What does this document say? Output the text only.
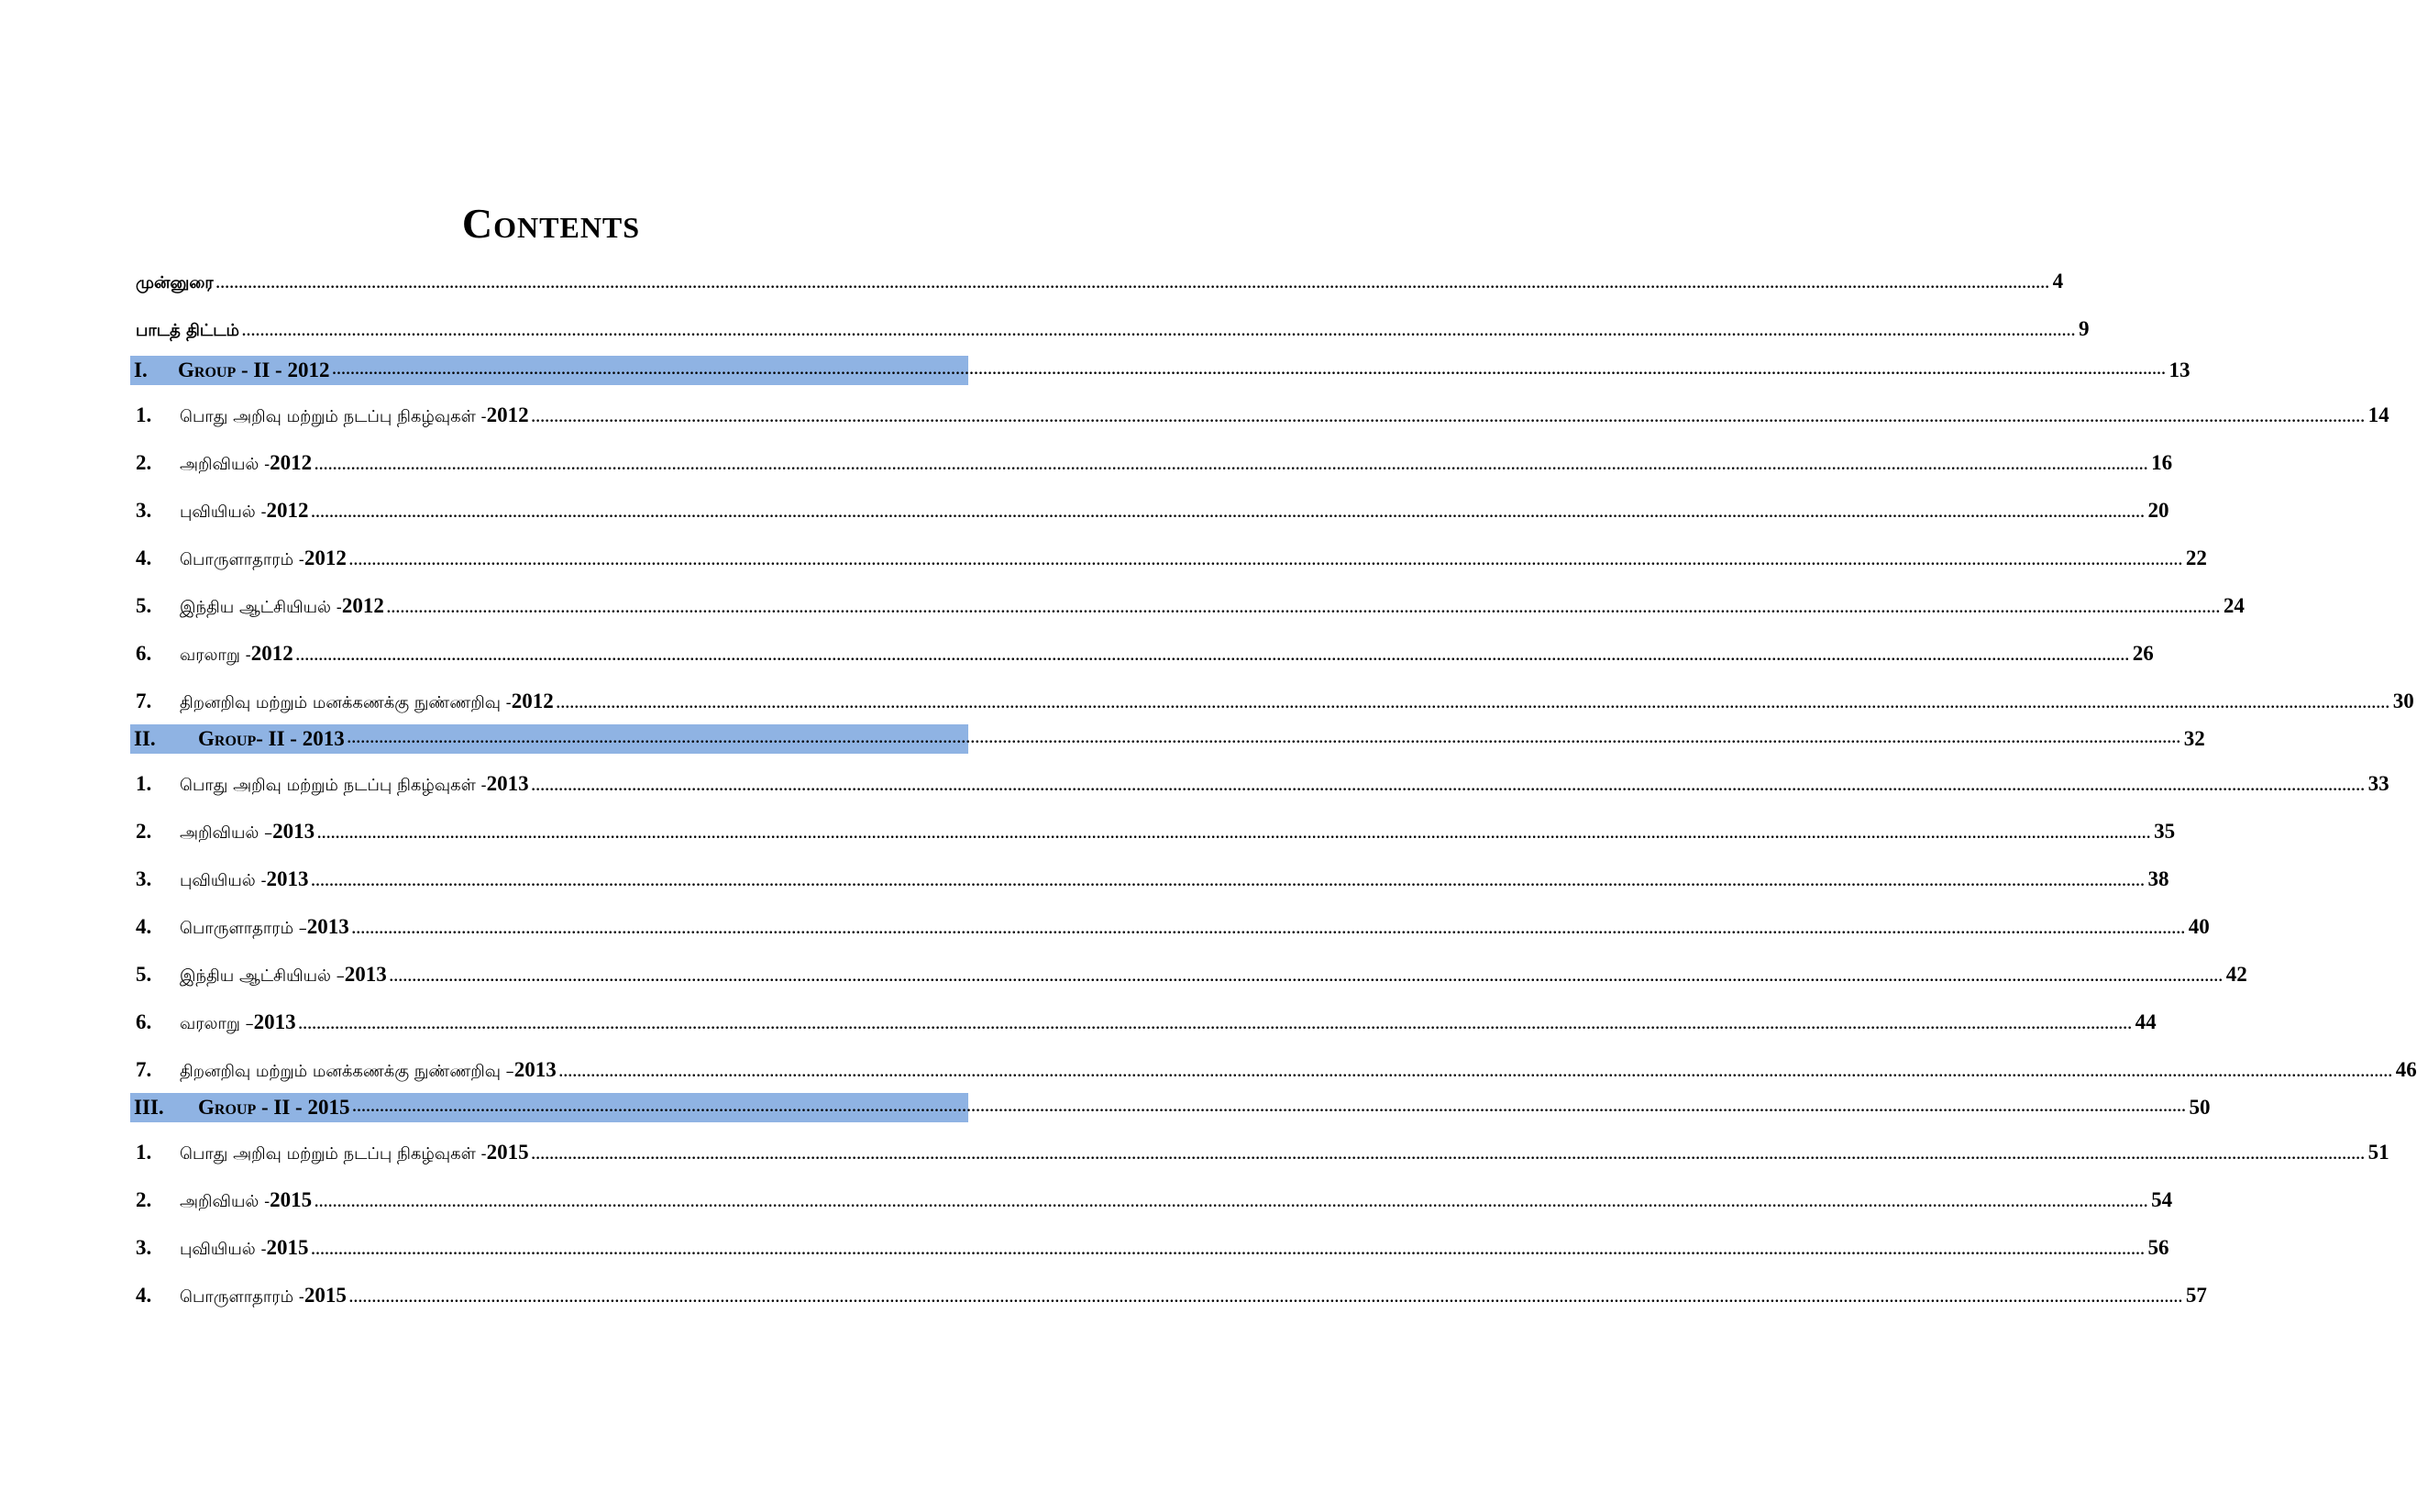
Contents
முன்னுரை ................................................................................................................................................................................................................................................................................................................................................................................................................ 4
பாடத் திட்டம் ................................................................................................................................................................................................................................................................................................................................................................................................................ 9
I.	Group - II - 2012 ................................................................................................................................................................................................................................................................................................................................................................................................................ 13
1.	பொது அறிவு மற்றும் நடப்பு நிகழ்வுகள் - 2012 ................................................................................................................................................................................................................................................................................................................................................................................................................ 14
2.	அறிவியல் - 2012 ................................................................................................................................................................................................................................................................................................................................................................................................................ 16
3.	புவியியல் - 2012 ................................................................................................................................................................................................................................................................................................................................................................................................................ 20
4.	பொருளாதாரம் - 2012 ................................................................................................................................................................................................................................................................................................................................................................................................................ 22
5.	இந்திய ஆட்சியியல் - 2012 ................................................................................................................................................................................................................................................................................................................................................................................................................ 24
6.	வரலாறு - 2012 ................................................................................................................................................................................................................................................................................................................................................................................................................ 26
7.	திறனறிவு மற்றும் மனக்கணக்கு நுண்ணறிவு - 2012 ................................................................................................................................................................................................................................................................................................................................................................................................................ 30
II.	Group- II - 2013 ................................................................................................................................................................................................................................................................................................................................................................................................................ 32
1.	பொது அறிவு மற்றும் நடப்பு நிகழ்வுகள் - 2013 ................................................................................................................................................................................................................................................................................................................................................................................................................ 33
2.	அறிவியல் – 2013 ................................................................................................................................................................................................................................................................................................................................................................................................................ 35
3.	புவியியல் - 2013 ................................................................................................................................................................................................................................................................................................................................................................................................................ 38
4.	பொருளாதாரம் – 2013 ................................................................................................................................................................................................................................................................................................................................................................................................................ 40
5.	இந்திய ஆட்சியியல் – 2013 ................................................................................................................................................................................................................................................................................................................................................................................................................ 42
6.	வரலாறு – 2013 ................................................................................................................................................................................................................................................................................................................................................................................................................ 44
7.	திறனறிவு மற்றும் மனக்கணக்கு நுண்ணறிவு – 2013 ................................................................................................................................................................................................................................................................................................................................................................................................................ 46
III.	Group - II - 2015 ................................................................................................................................................................................................................................................................................................................................................................................................................ 50
1.	பொது அறிவு மற்றும் நடப்பு நிகழ்வுகள் - 2015 ................................................................................................................................................................................................................................................................................................................................................................................................................ 51
2.	அறிவியல் - 2015 ................................................................................................................................................................................................................................................................................................................................................................................................................ 54
3.	புவியியல் - 2015 ................................................................................................................................................................................................................................................................................................................................................................................................................ 56
4.	பொருளாதாரம் - 2015 ................................................................................................................................................................................................................................................................................................................................................................................................................ 57
